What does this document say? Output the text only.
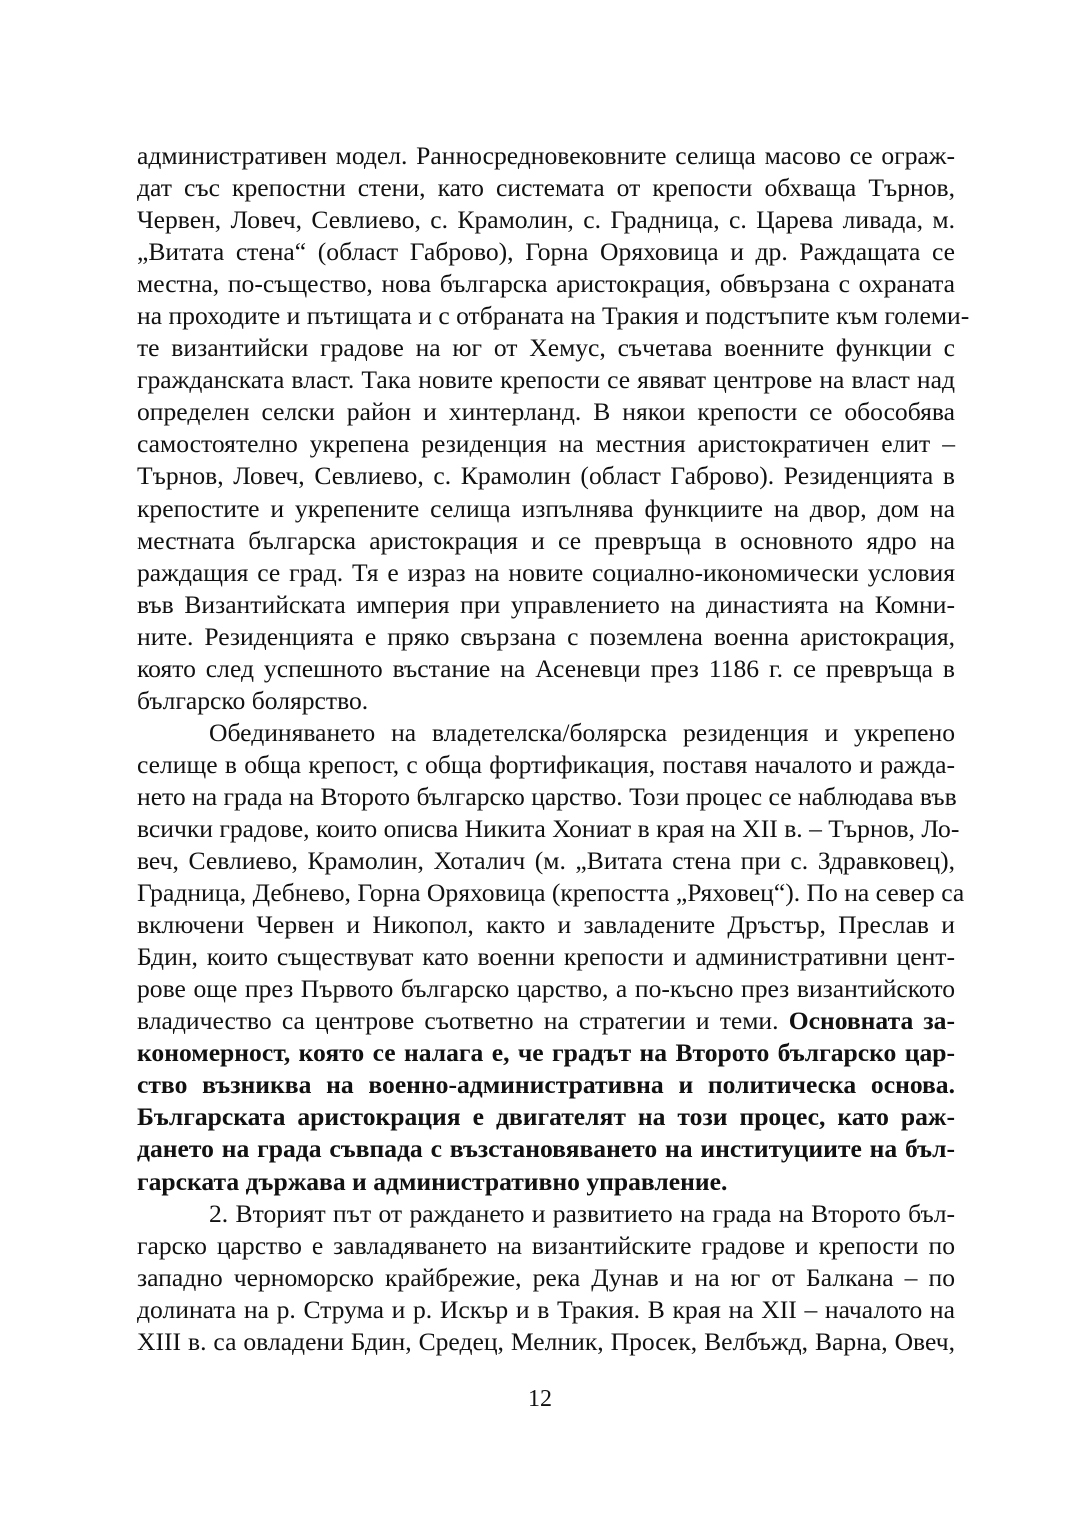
административен модел. Ранносредновековните селища масово се ограж-
дат със крепостни стени, като системата от крепости обхваща Търнов,
Червен, Ловеч, Севлиево, с. Крамолин, с. Градница, с. Царева ливада, м.
„Витата стена“ (област Габрово), Горна Оряховица и др. Раждащата се
местна, по-същество, нова българска аристокрация, обвързана с охраната
на проходите и пътищата и с отбраната на Тракия и подстъпите към големи-
те византийски градове на юг от Хемус, съчетава военните функции с
гражданската власт. Така новите крепости се явяват центрове на власт над
определен селски район и хинтерланд. В някои крепости се обособява
самостоятелно укрепена резиденция на местния аристократичен елит –
Търнов, Ловеч, Севлиево, с. Крамолин (област Габрово). Резиденцията в
крепостите и укрепените селища изпълнява функциите на двор, дом на
местната българска аристокрация и се превръща в основното ядро на
раждащия се град. Тя е израз на новите социално-икономически условия
във Византийската империя при управлението на династията на Комни-
ните. Резиденцията е пряко свързана с поземлена военна аристокрация,
която след успешното въстание на Асеневци през 1186 г. се превръща в
българско болярство.
Обединяването на владетелска/болярска резиденция и укрепено
селище в обща крепост, с обща фортификация, поставя началото и ражда-
нето на града на Второто българско царство. Този процес се наблюдава във
всички градове, които описва Никита Хониат в края на XII в. – Търнов, Ло-
веч, Севлиево, Крамолин, Хоталич (м. „Витата стена при с. Здравковец),
Градница, Дебнево, Горна Оряховица (крепостта „Ряховец“). По на север са
включени Червен и Никопол, както и завладените Дръстър, Преслав и
Бдин, които съществуват като военни крепости и административни цент-
рове още през Първото българско царство, а по-късно през византийското
владичество са центрове съответно на стратегии и теми. Основната за-
кономерност, която се налага е, че градът на Второто българско цар-
ство възниква на военно-административна и политическа основа.
Българската аристокрация е двигателят на този процес, като раж-
дането на града съвпада с възстановяването на институциите на бъл-
гарската държава и административно управление.
2. Вторият път от раждането и развитието на града на Второто бъл-
гарско царство е завладяването на византийските градове и крепости по
западно черноморско крайбрежие, река Дунав и на юг от Балкана – по
долината на р. Струма и р. Искър и в Тракия. В края на XII – началото на
XIII в. са овладени Бдин, Средец, Мелник, Просек, Велбъжд, Варна, Овеч,
12
